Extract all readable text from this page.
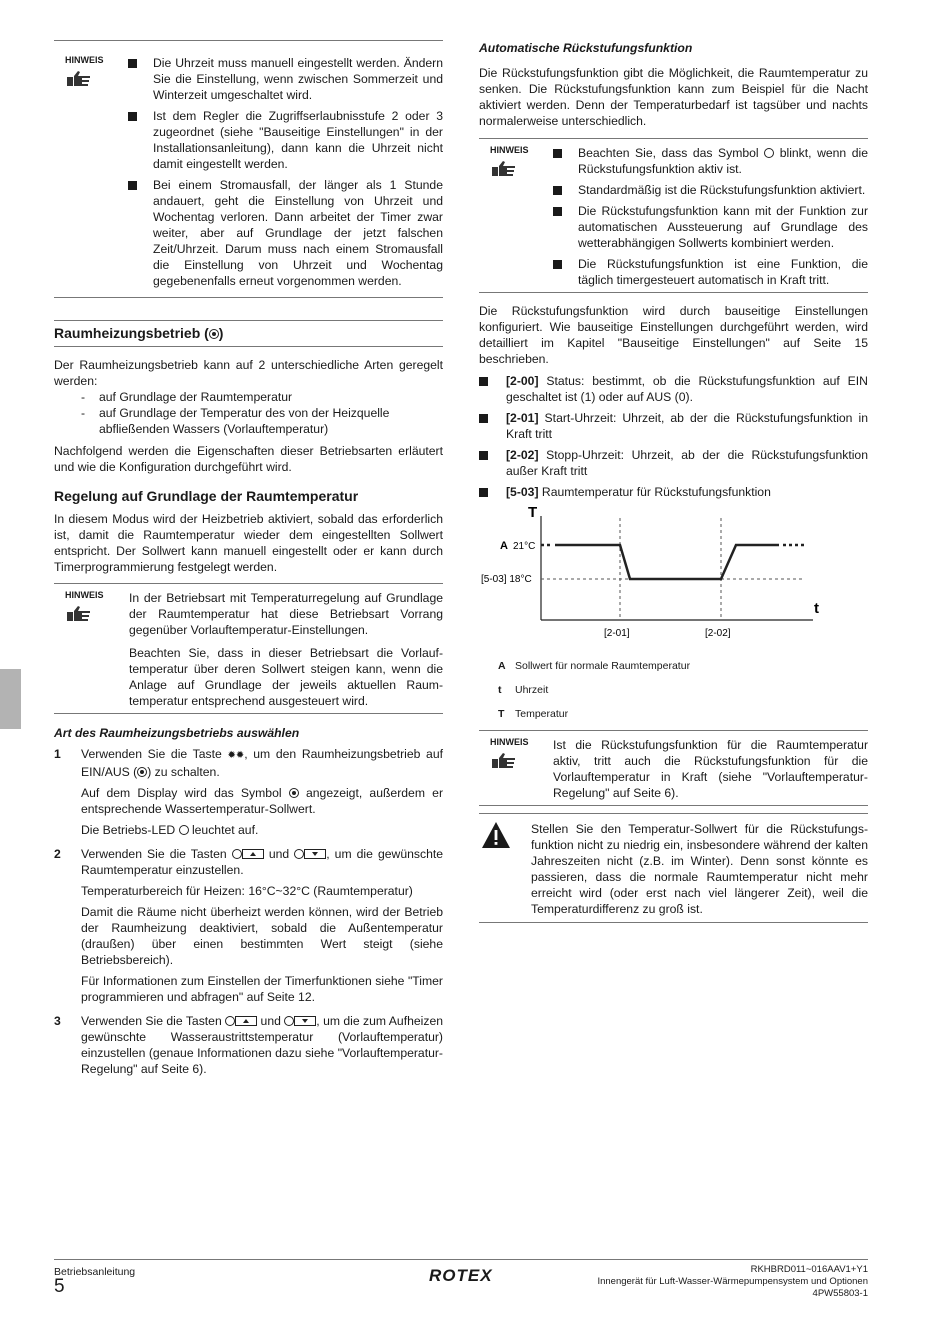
HINWEIS	Die Uhrzeit muss manuell eingestellt werden. Ändern Sie die Einstellung, wenn zwischen Sommerzeit und Winterzeit umgeschaltet wird.

Ist dem Regler die Zugriffserlaubnisstufe 2 oder 3 zugeordnet (siehe "Bauseitige Einstellungen" in der Installationsanleitung), dann kann die Uhrzeit nicht damit eingestellt werden.

Bei einem Stromausfall, der länger als 1 Stunde andauert, geht die Einstellung von Uhrzeit und Wochentag verloren. Dann arbeitet der Timer zwar weiter, aber auf Grundlage der jetzt falschen Zeit/Uhrzeit. Darum muss nach einem Stromausfall die Einstellung von Uhrzeit und Wochentag gegebenenfalls erneut vorgenommen werden.

Raumheizungsbetrieb ( )

Der Raumheizungsbetrieb kann auf 2 unterschiedliche Arten geregelt werden:

-	auf Grundlage der Raumtemperatur
-	auf Grundlage der Temperatur des von der Heizquelle abfließenden Wassers (Vorlauftemperatur)

Nachfolgend werden die Eigenschaften dieser Betriebsarten erläutert und wie die Konfiguration durchgeführt wird.

Regelung auf Grundlage der Raumtemperatur

In diesem Modus wird der Heizbetrieb aktiviert, sobald das erforderlich ist, damit die Raumtemperatur wieder dem eingestellten Sollwert entspricht. Der Sollwert kann manuell eingestellt oder er kann durch Timerprogrammierung festgelegt werden.

HINWEIS	In der Betriebsart mit Temperaturregelung auf Grundlage der Raumtemperatur hat diese Betriebsart Vorrang gegenüber Vorlauftemperatur-Einstellungen.

Beachten Sie, dass in dieser Betriebsart die Vorlauftemperatur über deren Sollwert steigen kann, wenn die Anlage auf Grundlage der jeweils aktuellen Raumtemperatur entsprechend ausgesteuert wird.

Art des Raumheizungsbetriebs auswählen
1	Verwenden Sie die Taste ✹✹, um den Raumheizungsbetrieb auf EIN/AUS ( ) zu schalten.

Auf dem Display wird das Symbol angezeigt, außerdem er entsprechende Wassertemperatur-Sollwert.

Die Betriebs-LED leuchtet auf.

2	Verwenden Sie die Tasten	und	, um die gewünschte Raumtemperatur einzustellen.

Temperaturbereich für Heizen: 16°C~32°C (Raumtemperatur)

Damit die Räume nicht überheizt werden können, wird der Betrieb der Raumheizung deaktiviert, sobald die Außentemperatur (draußen) über einen bestimmten Wert steigt (siehe Betriebsbereich).

Für Informationen zum Einstellen der Timerfunktionen siehe "Timer programmieren und abfragen" auf Seite 12.

3	Verwenden Sie die Tasten	und	, um die zum Aufheizen gewünschte Wasseraustrittstemperatur (Vorlauftemperatur) einzustellen (genaue Informationen dazu siehe "Vorlauftemperatur-Regelung" auf Seite 6).

Automatische Rückstufungsfunktion

Die Rückstufungsfunktion gibt die Möglichkeit, die Raumtemperatur zu senken. Die Rückstufungsfunktion kann zum Beispiel für die Nacht aktiviert werden. Denn der Temperaturbedarf ist tagsüber und nachts normalerweise unterschiedlich.

HINWEIS	Beachten Sie, dass das Symbol blinkt, wenn die Rückstufungsfunktion aktiv ist.

Standardmäßig ist die Rückstufungsfunktion aktiviert.

Die Rückstufungsfunktion kann mit der Funktion zur automatischen Aussteuerung auf Grundlage des wetterabhängigen Sollwerts kombiniert werden.

Die Rückstufungsfunktion ist eine Funktion, die täglich timergesteuert automatisch in Kraft tritt.

Die Rückstufungsfunktion wird durch bauseitige Einstellungen konfiguriert. Wie bauseitige Einstellungen durchgeführt werden, wird detailliert im Kapitel "Bauseitige Einstellungen" auf Seite 15 beschrieben.

[2-00] Status: bestimmt, ob die Rückstufungsfunktion auf EIN geschaltet ist (1) oder auf AUS (0).

[2-01] Start-Uhrzeit: Uhrzeit, ab der die Rückstufungsfunktion in Kraft tritt

[2-02] Stopp-Uhrzeit: Uhrzeit, ab der die Rückstufungsfunktion außer Kraft tritt

[5-03] Raumtemperatur für Rückstufungsfunktion

T
t
A 21°C
[5-03] 18°C
[2-01]	[2-02]
A Sollwert für normale Raumtemperatur
t	Uhrzeit
T	Temperatur
HINWEIS	Ist die Rückstufungsfunktion für die Raumtemperatur aktiv, tritt auch die Rückstufungsfunktion für die Vorlauftemperatur in Kraft (siehe "Vorlauftemperatur-Regelung" auf Seite 6).

Stellen Sie den Temperatur-Sollwert für die Rückstufungsfunktion nicht zu niedrig ein, insbesondere während der kalten Jahreszeiten nicht (z.B. im Winter). Denn sonst könnte es passieren, dass die normale Raumtemperatur nicht mehr erreicht wird (oder erst nach viel längerer Zeit), weil die Temperaturdifferenz zu groß ist.

Betriebsanleitung
5
ROTEX	RKHBRD011~016AAV1+Y1
Innengerät für Luft-Wasser-Wärmepumpensystem und Optionen
4PW55803-1
